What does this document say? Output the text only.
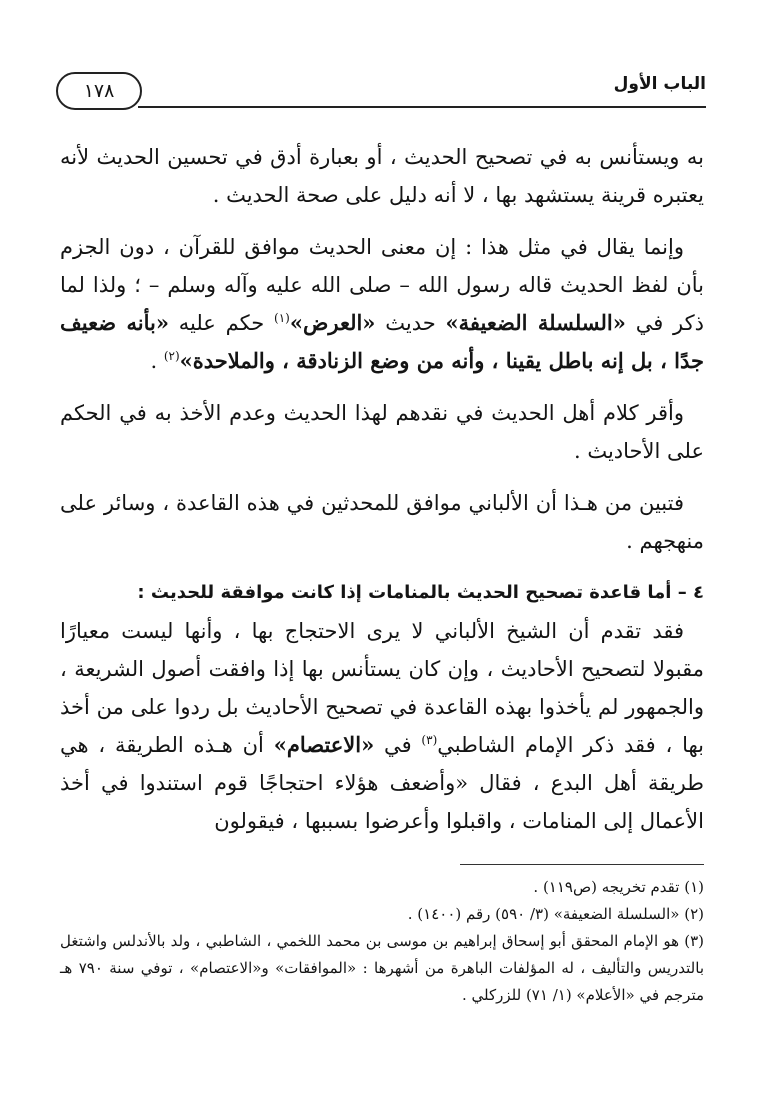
الباب الأول
١٧٨

به ويستأنس به في تصحيح الحديث ، أو بعبارة أدق في تحسين الحديث لأنه يعتبره قرينة يستشهد بها ، لا أنه دليل على صحة الحديث .

وإنما يقال في مثل هذا : إن معنى الحديث موافق للقرآن ، دون الجزم بأن لفظ الحديث قاله رسول الله – صلى الله عليه وآله وسلم – ؛ ولذا لما ذكر في «السلسلة الضعيفة» حديث «العرض»$^{(١)}$ حكم عليه «بأنه ضعيف جدًا ، بل إنه باطل يقينا ، وأنه من وضع الزنادقة ، والملاحدة»$^{(٢)}$ .

وأقر كلام أهل الحديث في نقدهم لهذا الحديث وعدم الأخذ به في الحكم على الأحاديث .

فتبين من هـذا أن الألباني موافق للمحدثين في هذه القاعدة ، وسائر على منهجهم .

٤ – أما قاعدة تصحيح الحديث بالمنامات إذا كانت موافقة للحديث :

فقد تقدم أن الشيخ الألباني لا يرى الاحتجاج بها ، وأنها ليست معيارًا مقبولا لتصحيح الأحاديث ، وإن كان يستأنس بها إذا وافقت أصول الشريعة ، والجمهور لم يأخذوا بهذه القاعدة في تصحيح الأحاديث بل ردوا على من أخذ بها ، فقد ذكر الإمام الشاطبي$^{(٣)}$ في «الاعتصام» أن هـذه الطريقة ، هي طريقة أهل البدع ، فقال «وأضعف هؤلاء احتجاجًا قوم استندوا في أخذ الأعمال إلى المنامات ، واقبلوا وأعرضوا بسببها ، فيقولون

(١) تقدم تخريجه (ص١١٩) .

(٢) «السلسلة الضعيفة» (٣/ ٥٩٠) رقم (١٤٠٠) .

(٣) هو الإمام المحقق أبو إسحاق إبراهيم بن موسى بن محمد اللخمي ، الشاطبي ، ولد بالأندلس واشتغل بالتدريس والتأليف ، له المؤلفات الباهرة من أشهرها : «الموافقات» و«الاعتصام» ، توفي سنة ٧٩٠ هـ مترجم في «الأعلام» (١/ ٧١) للزركلي .
